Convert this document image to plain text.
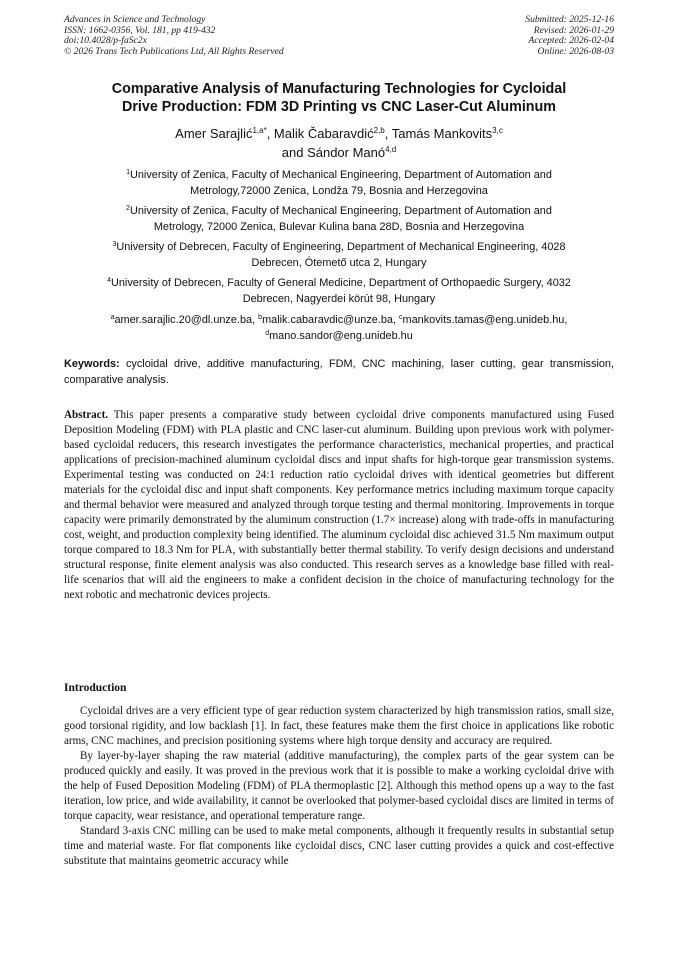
Advances in Science and Technology
ISSN: 1662-0356, Vol. 181, pp 419-432
doi:10.4028/p-faSc2x
© 2026 Trans Tech Publications Ltd, All Rights Reserved
Submitted: 2025-12-16
Revised: 2026-01-29
Accepted: 2026-02-04
Online: 2026-08-03
Comparative Analysis of Manufacturing Technologies for Cycloidal
Drive Production: FDM 3D Printing vs CNC Laser-Cut Aluminum
Amer Sarajlić$^{1,a*}$, Malik Čabaravdić$^{2,b}$, Tamás Mankovits$^{3,c}$
and Sándor Manó$^{4,d}$
$^1$University of Zenica, Faculty of Mechanical Engineering, Department of Automation and
Metrology,72000 Zenica, Londža 79, Bosnia and Herzegovina
$^2$University of Zenica, Faculty of Mechanical Engineering, Department of Automation and
Metrology, 72000 Zenica, Bulevar Kulina bana 28D, Bosnia and Herzegovina
$^3$University of Debrecen, Faculty of Engineering, Department of Mechanical Engineering, 4028
Debrecen, Ótemető utca 2, Hungary
$^4$University of Debrecen, Faculty of General Medicine, Department of Orthopaedic Surgery, 4032
Debrecen, Nagyerdei körút 98, Hungary
$^a$amer.sarajlic.20@dl.unze.ba, $^b$malik.cabaravdic@unze.ba, $^c$mankovits.tamas@eng.unideb.hu,
$^d$mano.sandor@eng.unideb.hu
Keywords: cycloidal drive, additive manufacturing, FDM, CNC machining, laser cutting, gear transmission, comparative analysis.
Abstract. This paper presents a comparative study between cycloidal drive components manufactured using Fused Deposition Modeling (FDM) with PLA plastic and CNC laser-cut aluminum. Building upon previous work with polymer-based cycloidal reducers, this research investigates the performance characteristics, mechanical properties, and practical applications of precision-machined aluminum cycloidal discs and input shafts for high-torque gear transmission systems. Experimental testing was conducted on 24:1 reduction ratio cycloidal drives with identical geometries but different materials for the cycloidal disc and input shaft components. Key performance metrics including maximum torque capacity and thermal behavior were measured and analyzed through torque testing and thermal monitoring. Improvements in torque capacity were primarily demonstrated by the aluminum construction (1.7× increase) along with trade-offs in manufacturing cost, weight, and production complexity being identified. The aluminum cycloidal disc achieved 31.5 Nm maximum output torque compared to 18.3 Nm for PLA, with substantially better thermal stability. To verify design decisions and understand structural response, finite element analysis was also conducted. This research serves as a knowledge base filled with real-life scenarios that will aid the engineers to make a confident decision in the choice of manufacturing technology for the next robotic and mechatronic devices projects.
Introduction

Cycloidal drives are a very efficient type of gear reduction system characterized by high transmission ratios, small size, good torsional rigidity, and low backlash [1]. In fact, these features make them the first choice in applications like robotic arms, CNC machines, and precision positioning systems where high torque density and accuracy are required.

By layer-by-layer shaping the raw material (additive manufacturing), the complex parts of the gear system can be produced quickly and easily. It was proved in the previous work that it is possible to make a working cycloidal drive with the help of Fused Deposition Modeling (FDM) of PLA thermoplastic [2]. Although this method opens up a way to the fast iteration, low price, and wide availability, it cannot be overlooked that polymer-based cycloidal discs are limited in terms of torque capacity, wear resistance, and operational temperature range.

Standard 3-axis CNC milling can be used to make metal components, although it frequently results in substantial setup time and material waste. For flat components like cycloidal discs, CNC laser cutting provides a quick and cost-effective substitute that maintains geometric accuracy while
